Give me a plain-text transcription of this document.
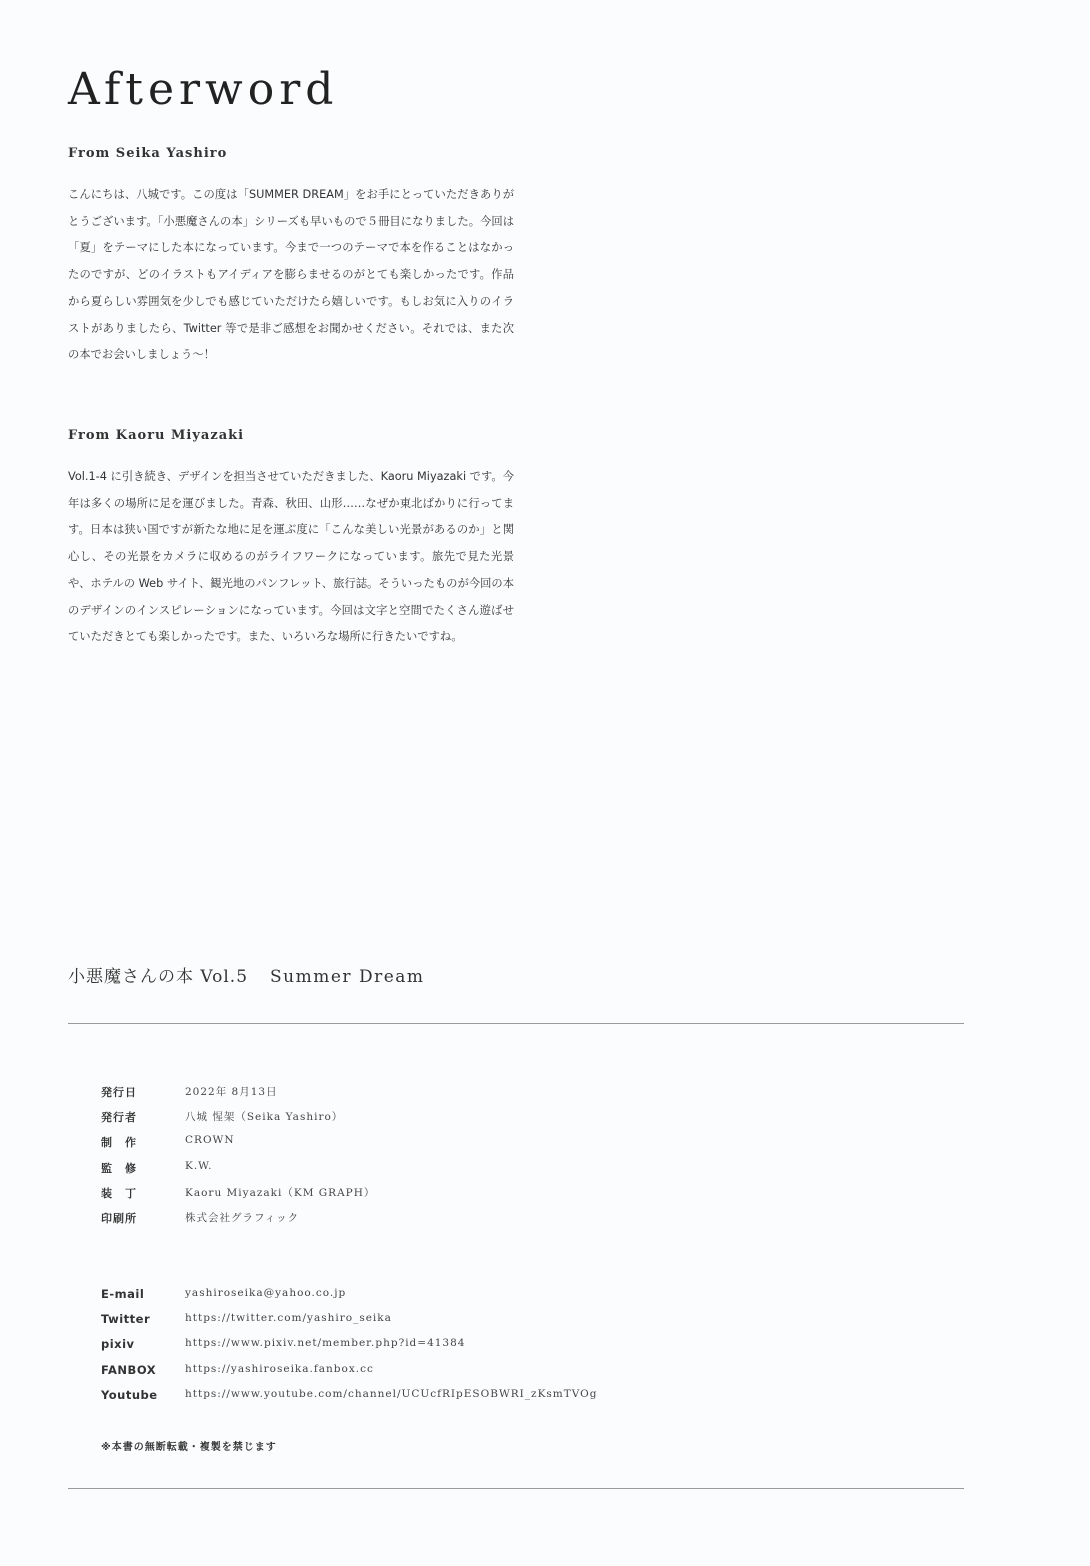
Afterword
From Seika Yashiro

こんにちは、八城です。この度は「SUMMER DREAM」をお手にとっていただきありがとうございます。「小悪魔さんの本」シリーズも早いもので５冊目になりました。今回は「夏」をテーマにした本になっています。今まで一つのテーマで本を作ることはなかったのですが、どのイラストもアイディアを膨らませるのがとても楽しかったです。作品から夏らしい雰囲気を少しでも感じていただけたら嬉しいです。もしお気に入りのイラストがありましたら、Twitter 等で是非ご感想をお聞かせください。それでは、また次の本でお会いしましょう〜！

From Kaoru Miyazaki

Vol.1-4 に引き続き、デザインを担当させていただきました、Kaoru Miyazaki です。今年は多くの場所に足を運びました。青森、秋田、山形……なぜか東北ばかりに行ってます。日本は狭い国ですが新たな地に足を運ぶ度に「こんな美しい光景があるのか」と関心し、その光景をカメラに収めるのがライフワークになっています。旅先で見た光景や、ホテルの Web サイト、観光地のパンフレット、旅行誌。そういったものが今回の本のデザインのインスピレーションになっています。今回は文字と空間でたくさん遊ばせていただきとても楽しかったです。また、いろいろな場所に行きたいですね。

小悪魔さんの本 Vol.5 Summer Dream
発行日	2022年 8月13日
発行者	八城 惺架（Seika Yashiro）
制　作	CROWN
監　修	K.W.
装　丁	Kaoru Miyazaki（KM GRAPH）
印刷所	株式会社グラフィック
E-mail	yashiroseika@yahoo.co.jp
Twitter	https://twitter.com/yashiro_seika
pixiv	https://www.pixiv.net/member.php?id=41384
FANBOX	https://yashiroseika.fanbox.cc
Youtube	https://www.youtube.com/channel/UCUcfRIpESOBWRI_zKsmTVOg
※本書の無断転載・複製を禁じます
